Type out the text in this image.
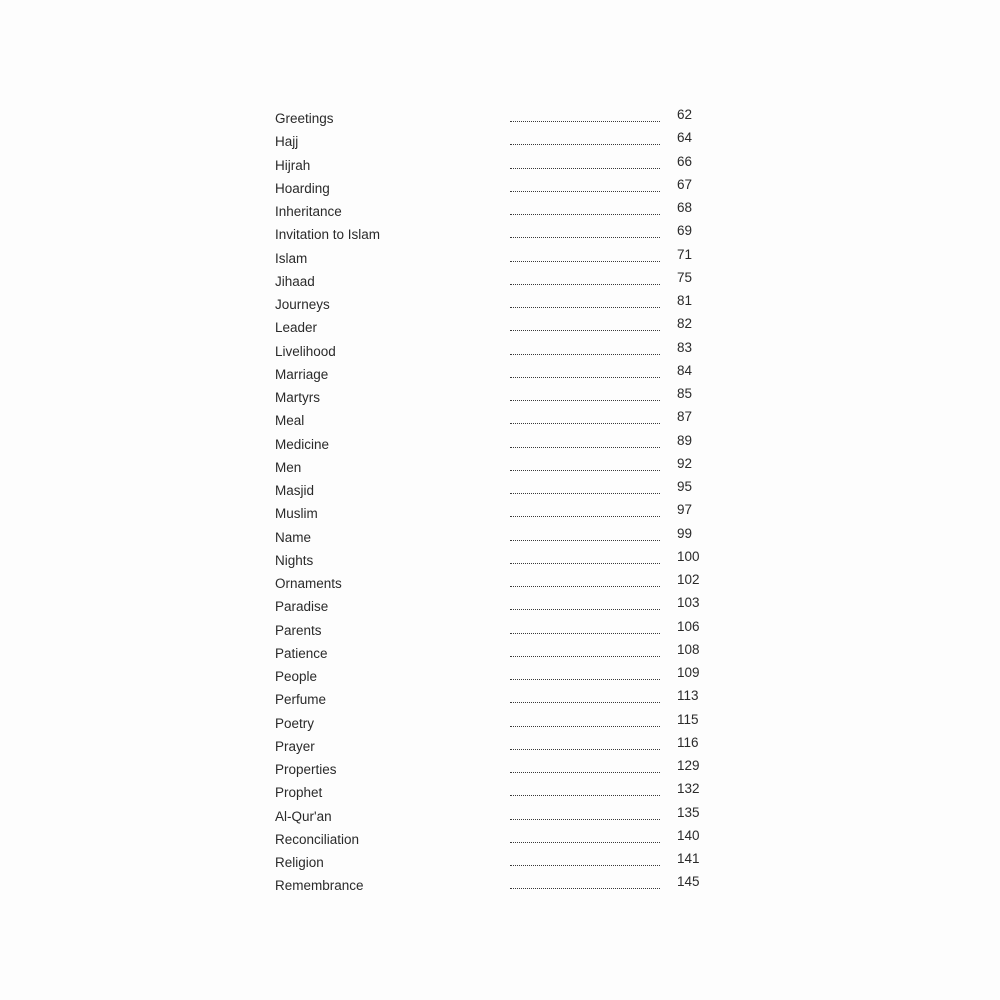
Greetings	62
Hajj	64
Hijrah	66
Hoarding	67
Inheritance	68
Invitation to Islam	69
Islam	71
Jihaad	75
Journeys	81
Leader	82
Livelihood	83
Marriage	84
Martyrs	85
Meal	87
Medicine	89
Men	92
Masjid	95
Muslim	97
Name	99
Nights	100
Ornaments	102
Paradise	103
Parents	106
Patience	108
People	109
Perfume	113
Poetry	115
Prayer	116
Properties	129
Prophet	132
Al-Qur'an	135
Reconciliation	140
Religion	141
Remembrance	145
